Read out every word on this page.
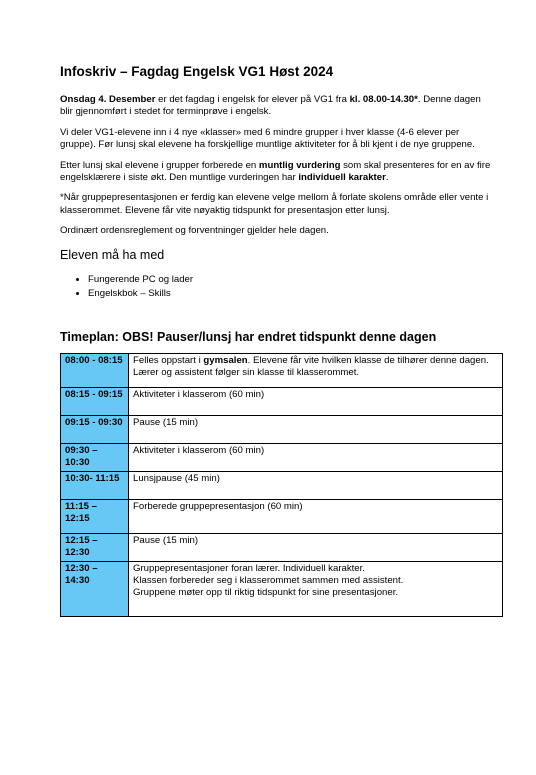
Infoskriv – Fagdag Engelsk VG1 Høst 2024

Onsdag 4. Desember er det fagdag i engelsk for elever på VG1 fra kl. 08.00-14.30*. Denne dagen blir gjennomført i stedet for terminprøve i engelsk.

Vi deler VG1-elevene inn i 4 nye «klasser» med 6 mindre grupper i hver klasse (4-6 elever per gruppe). Før lunsj skal elevene ha forskjellige muntlige aktiviteter for å bli kjent i de nye gruppene.

Etter lunsj skal elevene i grupper forberede en muntlig vurdering som skal presenteres for en av fire engelsklærere i siste økt. Den muntlige vurderingen har individuell karakter.

*Når gruppepresentasjonen er ferdig kan elevene velge mellom å forlate skolens område eller vente i klasserommet. Elevene får vite nøyaktig tidspunkt for presentasjon etter lunsj.

Ordinært ordensreglement og forventninger gjelder hele dagen.

Eleven må ha med
• Fungerende PC og lader
• Engelskbok – Skills
Timeplan: OBS! Pauser/lunsj har endret tidspunkt denne dagen
08:00 - 08:15	Felles oppstart i gymsalen. Elevene får vite hvilken klasse de tilhører denne dagen. Lærer og assistent følger sin klasse til klasserommet.
08:15 - 09:15	Aktiviteter i klasserom (60 min)
09:15 - 09:30	Pause (15 min)
09:30 – 10:30	Aktiviteter i klasserom (60 min)
10:30- 11:15	Lunsjpause (45 min)
11:15 – 12:15	Forberede gruppepresentasjon (60 min)
12:15 – 12:30	Pause (15 min)
12:30 – 14:30	Gruppepresentasjoner foran lærer. Individuell karakter.
Klassen forbereder seg i klasserommet sammen med assistent.
Gruppene møter opp til riktig tidspunkt for sine presentasjoner.
